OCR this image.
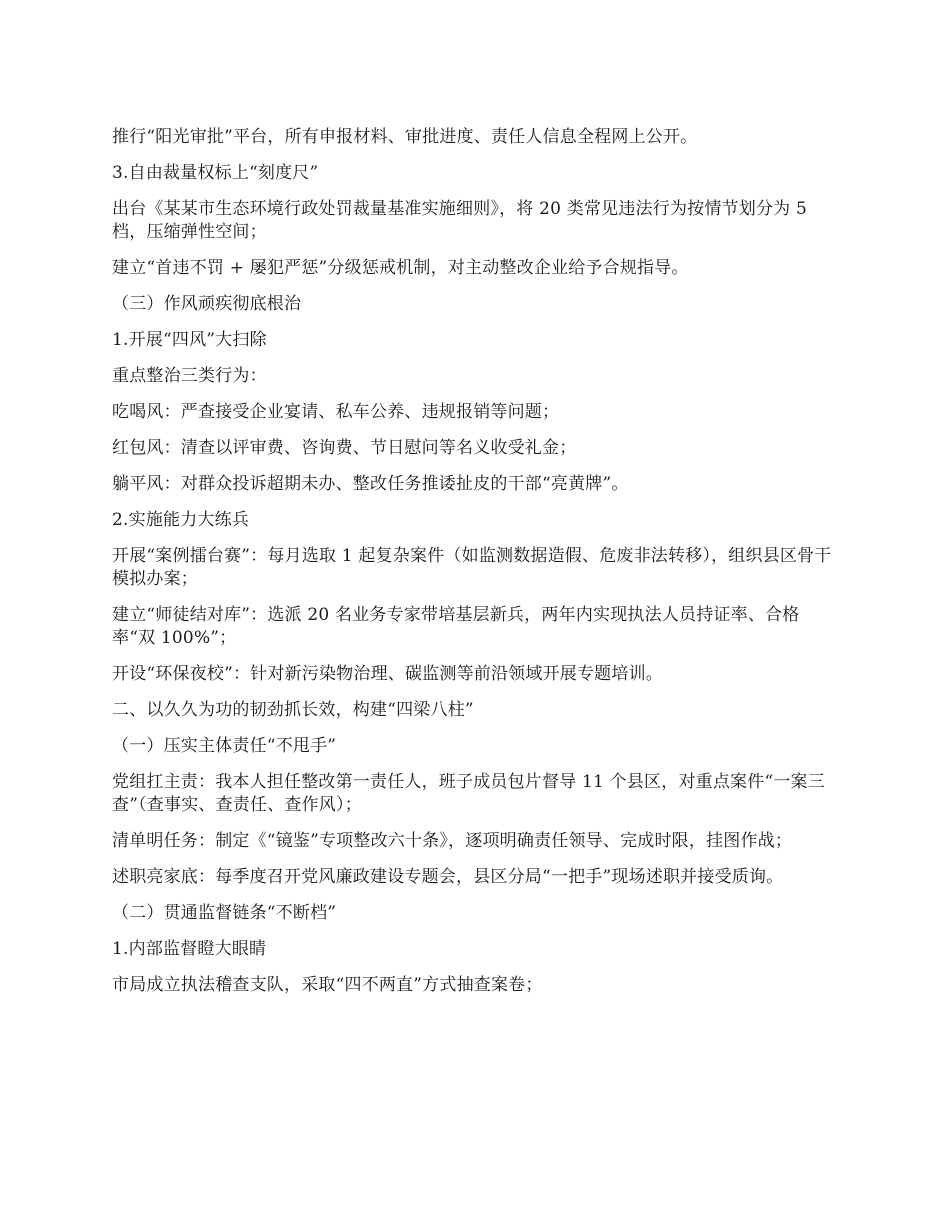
推行“阳光审批”平台，所有申报材料、审批进度、责任人信息全程网上公开。

3.自由裁量权标上“刻度尺”

出台《某某市生态环境行政处罚裁量基准实施细则》，将 20 类常见违法行为按情节划分为 5 档，压缩弹性空间；

建立“首违不罚 + 屡犯严惩”分级惩戒机制，对主动整改企业给予合规指导。

（三）作风顽疾彻底根治

1.开展“四风”大扫除

重点整治三类行为：

吃喝风：严查接受企业宴请、私车公养、违规报销等问题；

红包风：清查以评审费、咨询费、节日慰问等名义收受礼金；

躺平风：对群众投诉超期未办、整改任务推诿扯皮的干部“亮黄牌”。

2.实施能力大练兵

开展“案例擂台赛”：每月选取 1 起复杂案件（如监测数据造假、危废非法转移），组织县区骨干模拟办案；

建立“师徒结对库”：选派 20 名业务专家带培基层新兵，两年内实现执法人员持证率、合格率“双 100%”；

开设“环保夜校”：针对新污染物治理、碳监测等前沿领域开展专题培训。

二、以久久为功的韧劲抓长效，构建“四梁八柱”

（一）压实主体责任“不甩手”

党组扛主责：我本人担任整改第一责任人，班子成员包片督导 11 个县区，对重点案件“一案三查”（查事实、查责任、查作风）；

清单明任务：制定《“镜鉴”专项整改六十条》，逐项明确责任领导、完成时限，挂图作战；

述职亮家底：每季度召开党风廉政建设专题会，县区分局“一把手”现场述职并接受质询。

（二）贯通监督链条“不断档”

1.内部监督瞪大眼睛

市局成立执法稽查支队，采取“四不两直”方式抽查案卷；
